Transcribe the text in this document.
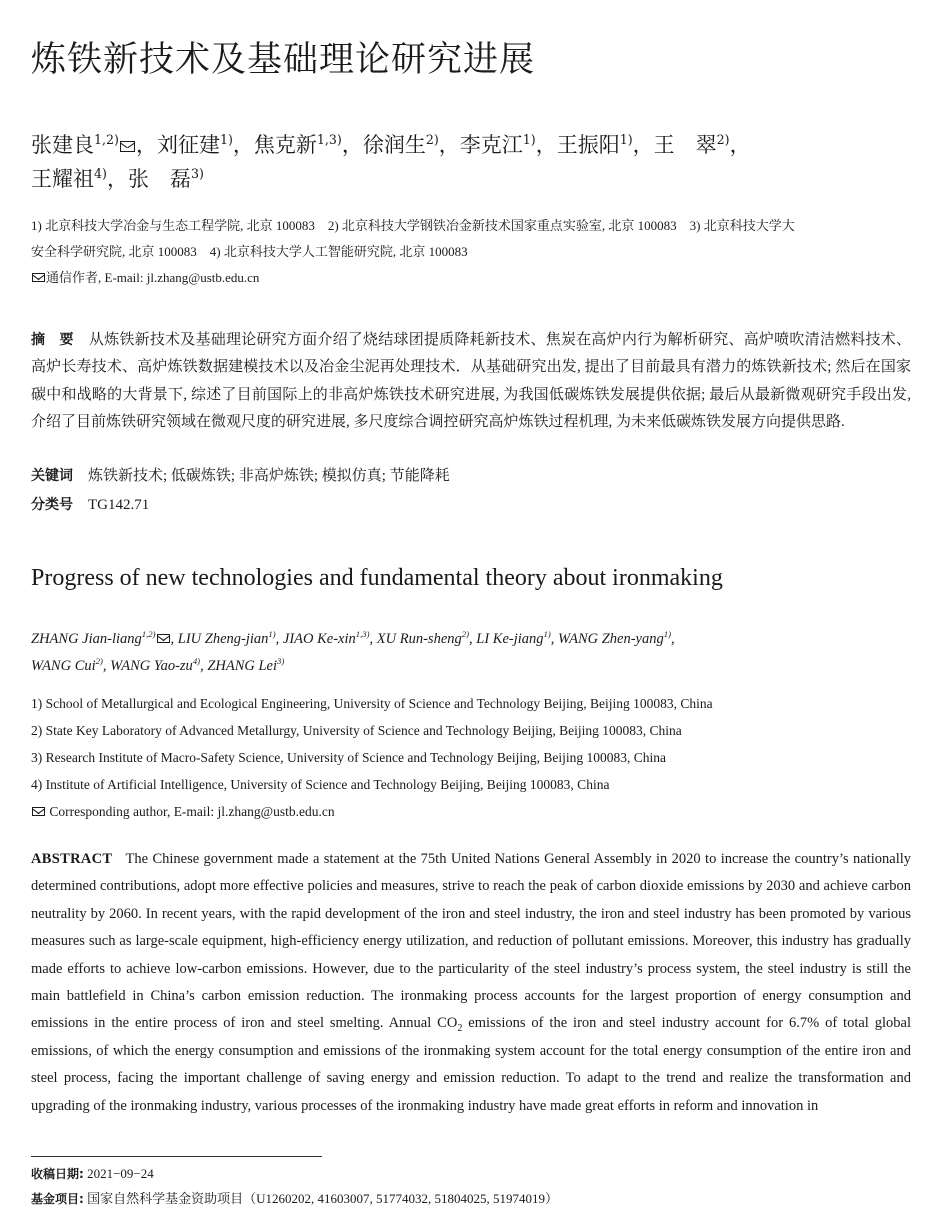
炼铁新技术及基础理论研究进展
张建良$^{1,2)}$ ，刘征建$^{1)}$，焦克新$^{1,3)}$，徐润生$^{2)}$，李克江$^{1)}$，王振阳$^{1)}$，王　翠$^{2)}$，
王耀祖$^{4)}$，张　磊$^{3)}$
1) 北京科技大学冶金与生态工程学院, 北京 100083　2) 北京科技大学钢铁冶金新技术国家重点实验室, 北京 100083　3) 北京科技大学大
安全科学研究院, 北京 100083　4) 北京科技大学人工智能研究院, 北京 100083
通信作者, E-mail: jl.zhang@ustb.edu.cn
摘　要　 从炼铁新技术及基础理论研究方面介绍了烧结球团提质降耗新技术、焦炭在高炉内行为解析研究、高炉喷吹清洁燃料技术、高炉长寿技术、高炉炼铁数据建模技术以及冶金尘泥再处理技术．从基础研究出发, 提出了目前最具有潜力的炼铁新技术; 然后在国家碳中和战略的大背景下, 综述了目前国际上的非高炉炼铁技术研究进展, 为我国低碳炼铁发展提供依据; 最后从最新微观研究手段出发, 介绍了目前炼铁研究领域在微观尺度的研究进展, 多尺度综合调控研究高炉炼铁过程机理, 为未来低碳炼铁发展方向提供思路.
关键词　 炼铁新技术; 低碳炼铁; 非高炉炼铁; 模拟仿真; 节能降耗
分类号　 TG142.71
Progress of new technologies and fundamental theory about ironmaking
ZHANG Jian-liang$^{1,2)}$ , LIU Zheng-jian$^{1)}$, JIAO Ke-xin$^{1,3)}$, XU Run-sheng$^{2)}$, LI Ke-jiang$^{1)}$, WANG Zhen-yang$^{1)}$,
WANG Cui$^{2)}$, WANG Yao-$zu^{4)}$, ZHANG Lei$^{3)}$
1) School of Metallurgical and Ecological Engineering, University of Science and Technology Beijing, Beijing 100083, China
2) State Key Laboratory of Advanced Metallurgy, University of Science and Technology Beijing, Beijing 100083, China
3) Research Institute of Macro-Safety Science, University of Science and Technology Beijing, Beijing 100083, China
4) Institute of Artificial Intelligence, University of Science and Technology Beijing, Beijing 100083, China
Corresponding author, E-mail: jl.zhang@ustb.edu.cn
ABSTRACT The Chinese government made a statement at the 75th United Nations General Assembly in 2020 to increase the country’s nationally determined contributions, adopt more effective policies and measures, strive to reach the peak of carbon dioxide emissions by 2030 and achieve carbon neutrality by 2060. In recent years, with the rapid development of the iron and steel industry, the iron and steel industry has been promoted by various measures such as large-scale equipment, high-efficiency energy utilization, and reduction of pollutant emissions. Moreover, this industry has gradually made efforts to achieve low-carbon emissions. However, due to the particularity of the steel industry’s process system, the steel industry is still the main battlefield in China’s carbon emission reduction. The ironmaking process accounts for the largest proportion of energy consumption and emissions in the entire process of iron and steel smelting. Annual $CO_2$ emissions of the iron and steel industry account for 6.7% of total global emissions, of which the energy consumption and emissions of the ironmaking system account for the total energy consumption of the entire iron and steel process, facing the important challenge of saving energy and emission reduction. To adapt to the trend and realize the transformation and upgrading of the ironmaking industry, various processes of the ironmaking industry have made great efforts in reform and innovation in
收稿日期: 2021−09−24
基金项目: 国家自然科学基金资助项目（U1260202, 41603007, 51774032, 51804025, 51974019）
